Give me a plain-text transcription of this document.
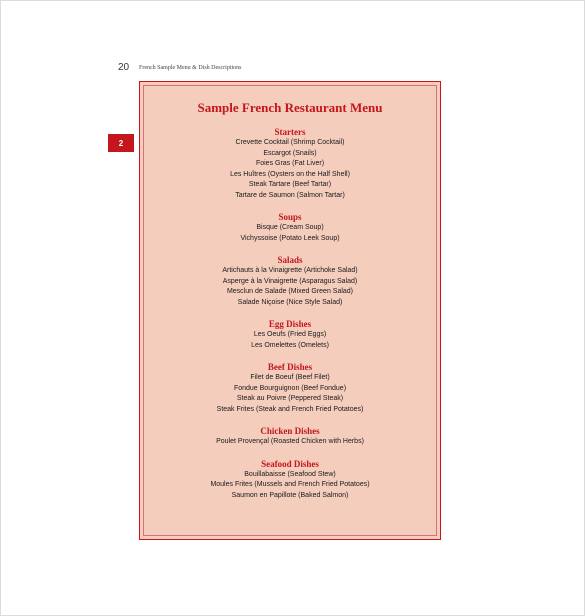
20 French Sample Menu & Dish Descriptions
2
Sample French Restaurant Menu
Starters
Crevette Cocktail (Shrimp Cocktail)
Escargot (Snails)
Foies Gras (Fat Liver)
Les Huîtres (Oysters on the Half Shell)
Steak Tartare (Beef Tartar)
Tartare de Saumon (Salmon Tartar)
Soups
Bisque (Cream Soup)
Vichyssoise (Potato Leek Soup)
Salads
Artichauts à la Vinaigrette (Artichoke Salad)
Asperge à la Vinaigrette (Asparagus Salad)
Mesclun de Salade (Mixed Green Salad)
Salade Niçoise (Nice Style Salad)
Egg Dishes
Les Oeufs (Fried Eggs)
Les Omelettes (Omelets)
Beef Dishes
Filet de Boeuf (Beef Filet)
Fondue Bourguignon (Beef Fondue)
Steak au Poivre (Peppered Steak)
Steak Frites (Steak and French Fried Potatoes)
Chicken Dishes
Poulet Provençal (Roasted Chicken with Herbs)
Seafood Dishes
Bouillabaisse (Seafood Stew)
Moules Frites (Mussels and French Fried Potatoes)
Saumon en Papillote (Baked Salmon)
